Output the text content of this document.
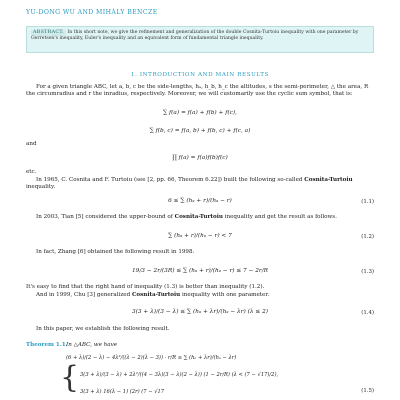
YU-DONG WU AND MIHÁLY BENCZE
ABSTRACT. In this short note, we give the refinement and generalization of the double Cosnita-Turtoiu inequality with one parameter by Gerretsen's inequality, Euler's inequality and an equivalent form of fundamental triangle inequality.
1. INTRODUCTION AND MAIN RESULTS
For a given triangle ABC, let a, b, c be the side-lengths, hₐ, h_b, h_c the altitudes, s the semi-perimeter, △ the area, R the circumradius and r the inradius, respectively. Moreover, we will customarily use the cyclic sum symbol, that is:
∑ f(a) = f(a) + f(b) + f(c),
∑ f(b, c) = f(a, b) + f(b, c) + f(c, a)
and
∏ f(a) = f(a)f(b)f(c)
etc.
In 1965, C. Cosnita and F. Turtoiu (see [2, pp. 66, Theorem 6.22]) built the following so-called Cosnita-Turtoiu inequality.
6 ≤ ∑ (hₐ + r)/(hₐ − r)	(1.1)
In 2003, Tian [5] considered the upper-bound of Cosnita-Turtoiu inequality and get the result as follows.
∑ (hₐ + r)/(hₐ − r) < 7	(1.2)
In fact, Zhang [6] obtained the following result in 1998.
19/3 − 2r/(3R) ≤ ∑ (hₐ + r)/(hₐ − r) ≤ 7 − 2r/R	(1.3)
It's easy to find that the right hand of inequality (1.3) is better than inequality (1.2).
And in 1999, Chu [3] generalized Cosnita-Turtoiu inequality with one parameter.
3(3 + λ)/(3 − λ) ≤ ∑ (hₐ + λr)/(hₐ − λr) (λ ≤ 2)	(1.4)
In this paper, we establish the following result.
Theorem 1.1.
In △ABC, we have
(6 + λ)/(2 − λ) − 4λ²/((λ − 2)(λ − 3)) · r/R ≥ ∑ (hₐ + λr)/(hₐ − λr)
{ 3(3 + λ)/(3 − λ) + 2λ²/((4 − 3λ)(3 − λ)(2 − λ)) (1 − 2r/R) (λ < (7 − √17)/2),
3(3 + λ) 16(λ − 1) (2r) (7 − √17	(1.5)
